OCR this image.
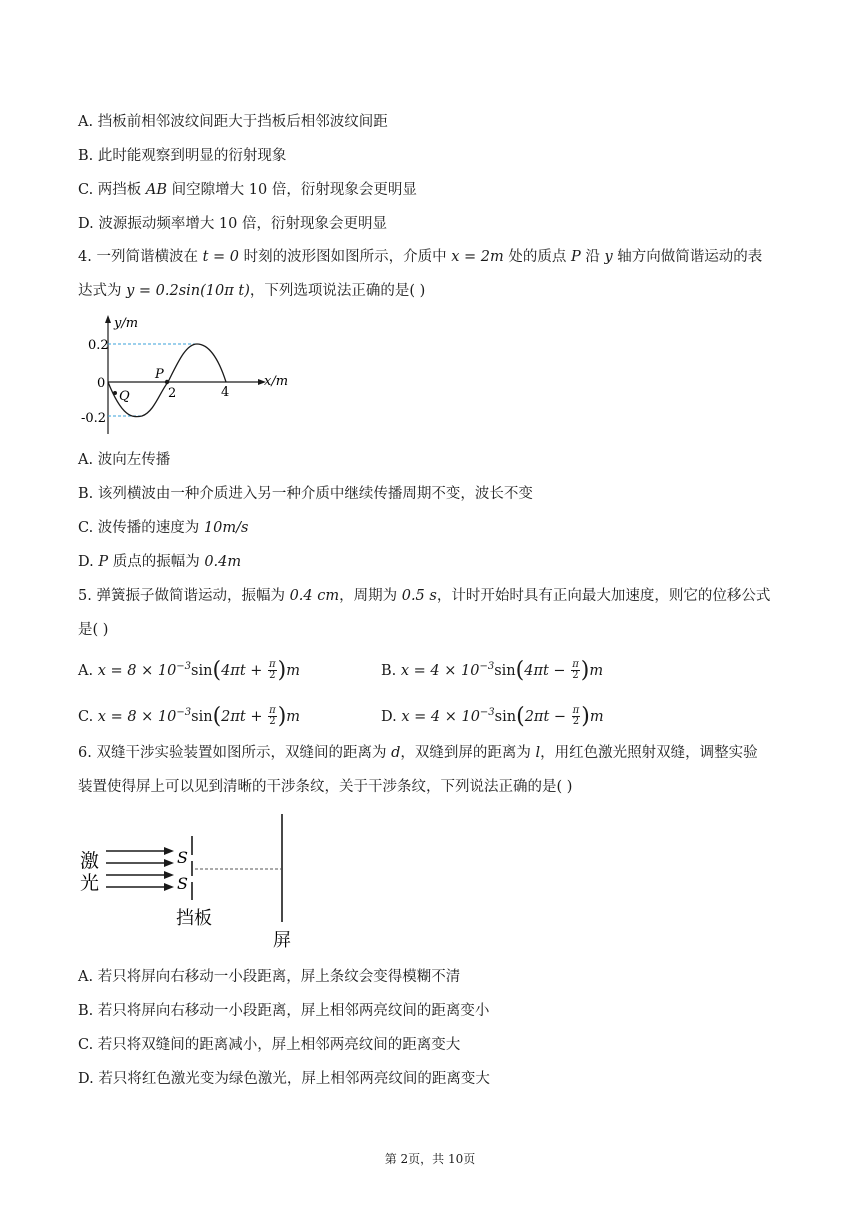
A. 挡板前相邻波纹间距大于挡板后相邻波纹间距
B. 此时能观察到明显的衍射现象
C. 两挡板 AB 间空隙增大 10 倍，衍射现象会更明显
D. 波源振动频率增大 10 倍，衍射现象会更明显
4. 一列简谐横波在 t = 0 时刻的波形图如图所示，介质中 x = 2m 处的质点 P 沿 y 轴方向做简谐运动的表
达式为 y = 0.2sin(10π t)，下列选项说法正确的是( )
y/m
x/m
0.2
0
-0.2
2	4
P
Q
A. 波向左传播
B. 该列横波由一种介质进入另一种介质中继续传播周期不变，波长不变
C. 波传播的速度为 10m/s
D. P 质点的振幅为 0.4m
5. 弹簧振子做简谐运动，振幅为 0.4 cm，周期为 0.5 s，计时开始时具有正向最大加速度，则它的位移公式
是( )
A. $x = 8 \times 10^{-3}\sin(4\pi t + \frac{\pi}{2} )m$	B. $x = 4 \times 10^{-3}\sin(4\pi t - \frac{\pi}{2} )m$
C. $x = 8 \times 10^{-3}\sin(2\pi t + \frac{\pi}{2} )m$	D. $x = 4 \times 10^{-3}\sin(2\pi t - \frac{\pi}{2} )m$
6. 双缝干涉实验装置如图所示，双缝间的距离为 d，双缝到屏的距离为 l，用红色激光照射双缝，调整实验
装置使得屏上可以见到清晰的干涉条纹，关于干涉条纹，下列说法正确的是( )
激
光
S
S
挡板
屏
A. 若只将屏向右移动一小段距离，屏上条纹会变得模糊不清
B. 若只将屏向右移动一小段距离，屏上相邻两亮纹间的距离变小
C. 若只将双缝间的距离减小，屏上相邻两亮纹间的距离变大
D. 若只将红色激光变为绿色激光，屏上相邻两亮纹间的距离变大
第 2页，共 10页
